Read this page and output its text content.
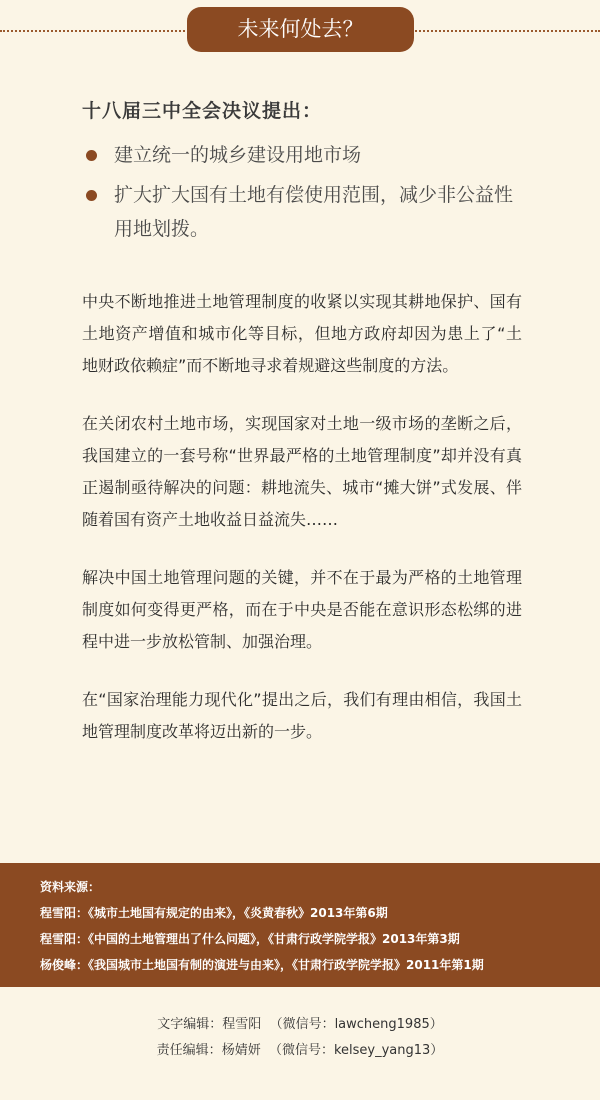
未来何处去？
十八届三中全会决议提出：
建立统一的城乡建设用地市场
扩大扩大国有土地有偿使用范围，减少非公益性用地划拨。

中央不断地推进土地管理制度的收紧以实现其耕地保护、国有土地资产增值和城市化等目标，但地方政府却因为患上了“土地财政依赖症”而不断地寻求着规避这些制度的方法。

在关闭农村土地市场，实现国家对土地一级市场的垄断之后，我国建立的一套号称“世界最严格的土地管理制度”却并没有真正遏制亟待解决的问题：耕地流失、城市“摊大饼”式发展、伴随着国有资产土地收益日益流失……

解决中国土地管理问题的关键，并不在于最为严格的土地管理制度如何变得更严格，而在于中央是否能在意识形态松绑的进程中进一步放松管制、加强治理。

在“国家治理能力现代化”提出之后，我们有理由相信，我国土地管理制度改革将迈出新的一步。

资料来源：
程雪阳：《城市土地国有规定的由来》，《炎黄春秋》2013年第6期
程雪阳：《中国的土地管理出了什么问题》，《甘肃行政学院学报》2013年第3期
杨俊峰：《我国城市土地国有制的演进与由来》，《甘肃行政学院学报》2011年第1期
文字编辑：程雪阳 （微信号：lawcheng1985）
责任编辑：杨婧妍 （微信号：kelsey_yang13）
